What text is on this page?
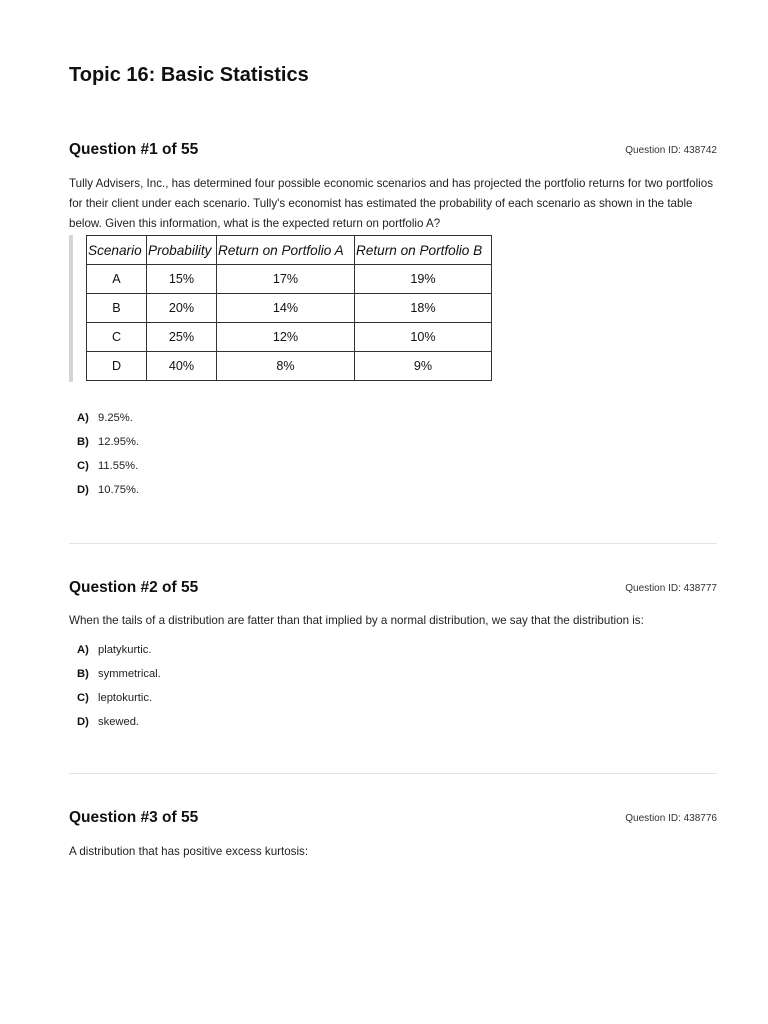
Topic 16: Basic Statistics
Question #1 of 55	Question ID: 438742

Tully Advisers, Inc., has determined four possible economic scenarios and has projected the portfolio returns for two portfolios for their client under each scenario. Tully's economist has estimated the probability of each scenario as shown in the table below. Given this information, what is the expected return on portfolio A?

Scenario	Probability	Return on Portfolio A	Return on Portfolio B
A	15%	17%	19%
B	20%	14%	18%
C	25%	12%	10%
D	40%	8%	9%
A) 9.25%.
B) 12.95%.
C) 11.55%.
D) 10.75%.
Question #2 of 55	Question ID: 438777

When the tails of a distribution are fatter than that implied by a normal distribution, we say that the distribution is:

A) platykurtic.
B) symmetrical.
C) leptokurtic.
D) skewed.
Question #3 of 55	Question ID: 438776

A distribution that has positive excess kurtosis:
